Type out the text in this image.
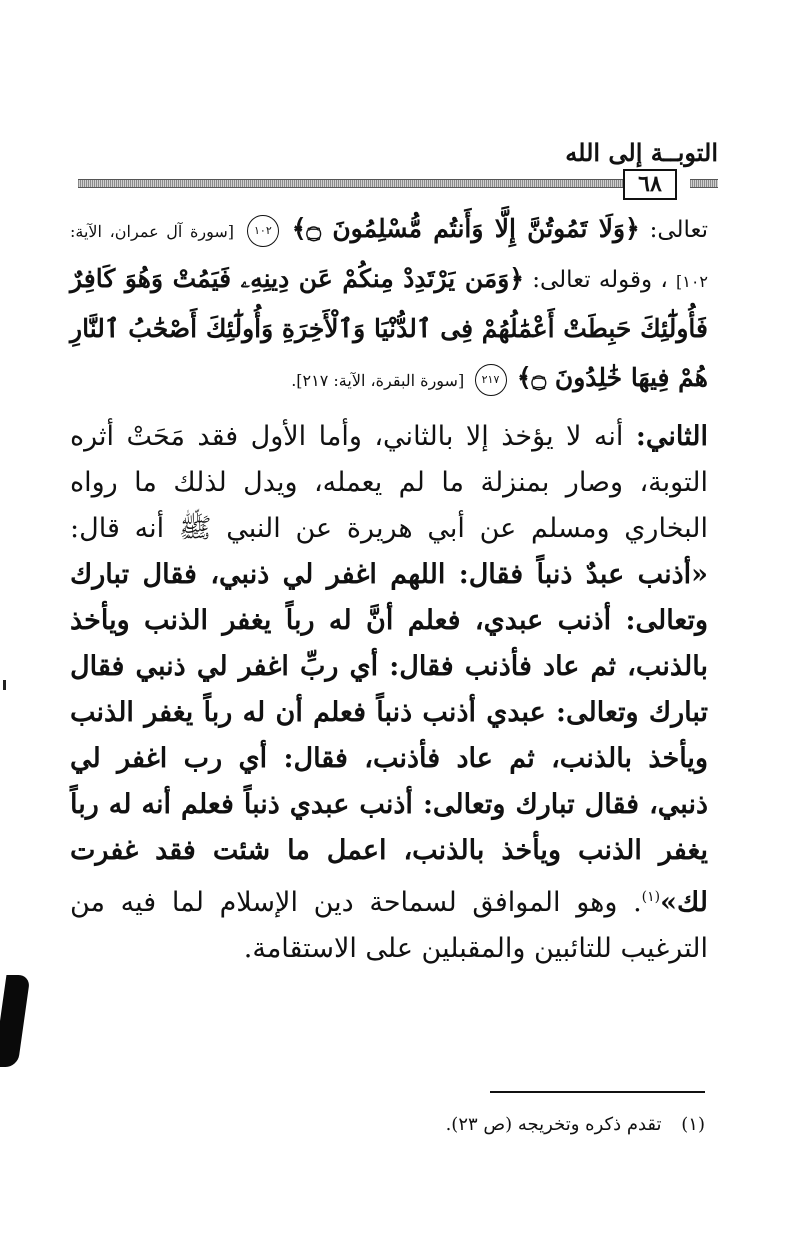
التوبــة إلى الله
٦٨

تعالى: ﴿وَلَا تَمُوتُنَّ إِلَّا وَأَنتُم مُّسْلِمُونَ ۝﴾ ١٠٢ [سورة آل عمران، الآية: ١٠٢] ، وقوله تعالى: ﴿وَمَن يَرْتَدِدْ مِنكُمْ عَن دِينِهِۦ فَيَمُتْ وَهُوَ كَافِرٌ فَأُولَٰٓئِكَ حَبِطَتْ أَعْمَٰلُهُمْ فِى ٱلدُّنْيَا وَٱلْأَخِرَةِ وَأُولَٰٓئِكَ أَصْحَٰبُ ٱلنَّارِ هُمْ فِيهَا خَٰلِدُونَ ۝﴾ ٢١٧ [سورة البقرة، الآية: ٢١٧].

الثاني: أنه لا يؤخذ إلا بالثاني، وأما الأول فقد مَحَتْ أثره التوبة، وصار بمنزلة ما لم يعمله، ويدل لذلك ما رواه البخاري ومسلم عن أبي هريرة عن النبي ﷺ أنه قال: «أذنب عبدٌ ذنباً فقال: اللهم اغفر لي ذنبي، فقال تبارك وتعالى: أذنب عبدي، فعلم أنَّ له رباً يغفر الذنب ويأخذ بالذنب، ثم عاد فأذنب فقال: أي ربِّ اغفر لي ذنبي فقال تبارك وتعالى: عبدي أذنب ذنباً فعلم أن له رباً يغفر الذنب ويأخذ بالذنب، ثم عاد فأذنب، فقال: أي رب اغفر لي ذنبي، فقال تبارك وتعالى: أذنب عبدي ذنباً فعلم أنه له رباً يغفر الذنب ويأخذ بالذنب، اعمل ما شئت فقد غفرت لك»$^{(١)}$. وهو الموافق لسماحة دين الإسلام لما فيه من الترغيب للتائبين والمقبلين على الاستقامة.

(١) تقدم ذكره وتخريجه (ص ٢٣).
